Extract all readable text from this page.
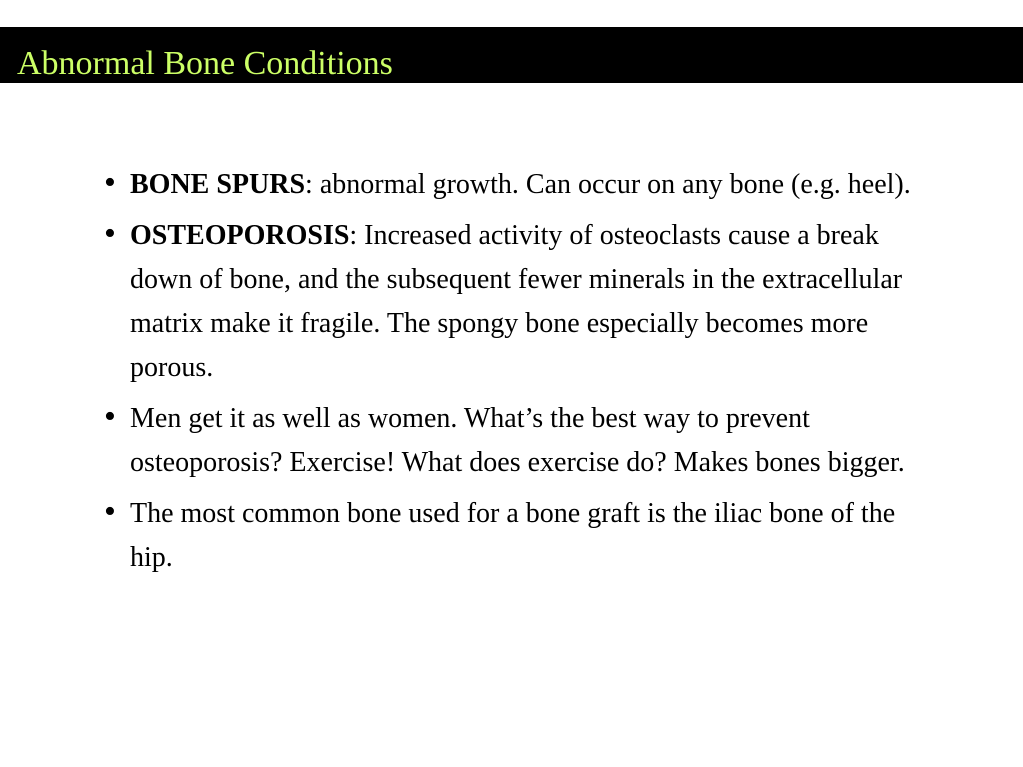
Abnormal Bone Conditions
• BONE SPURS: abnormal growth. Can occur on any bone (e.g. heel).
• OSTEOPOROSIS: Increased activity of osteoclasts cause a break down of bone, and the subsequent fewer minerals in the extracellular matrix make it fragile. The spongy bone especially becomes more porous.
• Men get it as well as women. What’s the best way to prevent osteoporosis? Exercise! What does exercise do? Makes bones bigger.
• The most common bone used for a bone graft is the iliac bone of the hip.
